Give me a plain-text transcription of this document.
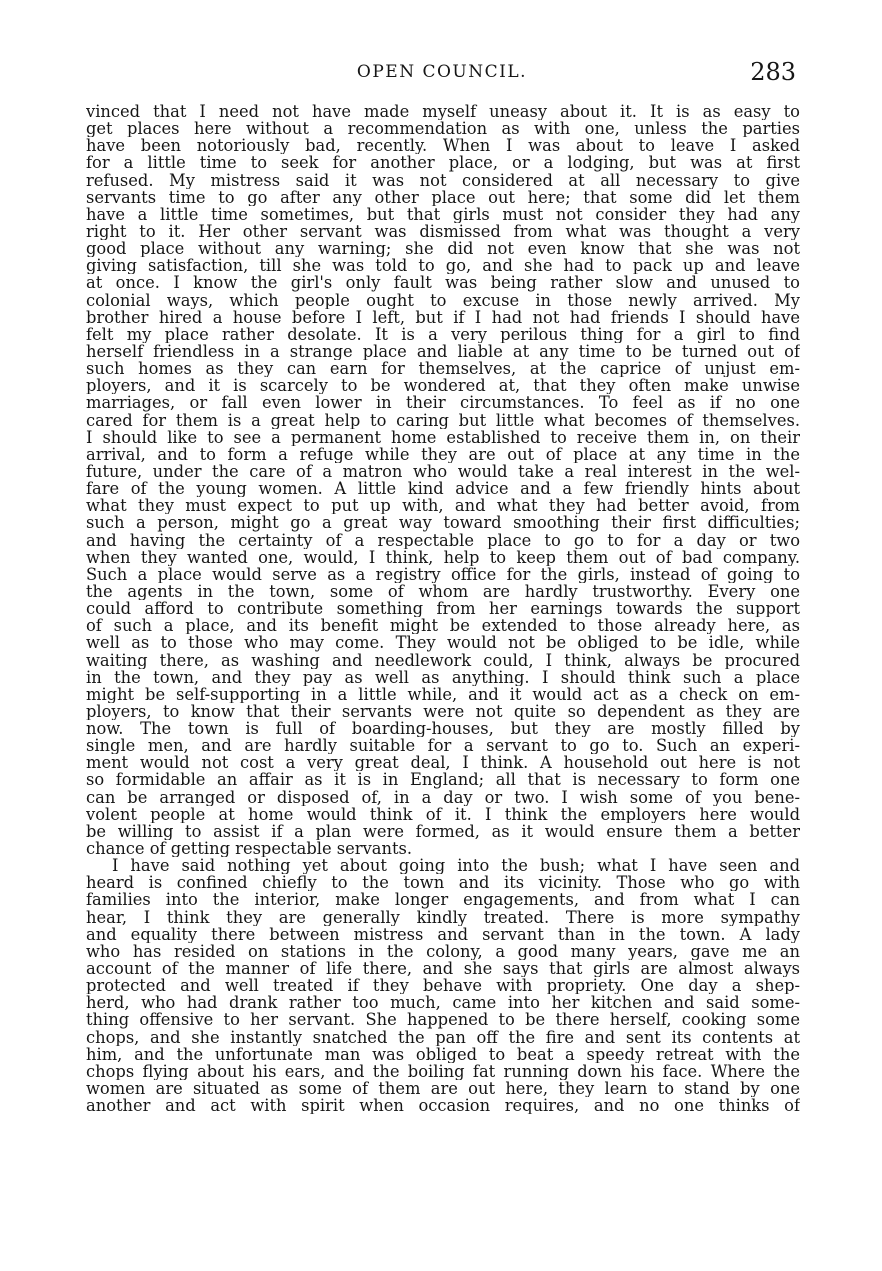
OPEN COUNCIL.	283
vinced that I need not have made myself uneasy about it. It is as easy to
get places here without a recommendation as with one, unless the parties
have been notoriously bad, recently. When I was about to leave I asked
for a little time to seek for another place, or a lodging, but was at first
refused. My mistress said it was not considered at all necessary to give
servants time to go after any other place out here; that some did let them
have a little time sometimes, but that girls must not consider they had any
right to it. Her other servant was dismissed from what was thought a very
good place without any warning; she did not even know that she was not
giving satisfaction, till she was told to go, and she had to pack up and leave
at once. I know the girl's only fault was being rather slow and unused to
colonial ways, which people ought to excuse in those newly arrived. My
brother hired a house before I left, but if I had not had friends I should have
felt my place rather desolate. It is a very perilous thing for a girl to find
herself friendless in a strange place and liable at any time to be turned out of
such homes as they can earn for themselves, at the caprice of unjust em-
ployers, and it is scarcely to be wondered at, that they often make unwise
marriages, or fall even lower in their circumstances. To feel as if no one
cared for them is a great help to caring but little what becomes of themselves.
I should like to see a permanent home established to receive them in, on their
arrival, and to form a refuge while they are out of place at any time in the
future, under the care of a matron who would take a real interest in the wel-
fare of the young women. A little kind advice and a few friendly hints about
what they must expect to put up with, and what they had better avoid, from
such a person, might go a great way toward smoothing their first difficulties;
and having the certainty of a respectable place to go to for a day or two
when they wanted one, would, I think, help to keep them out of bad company.
Such a place would serve as a registry office for the girls, instead of going to
the agents in the town, some of whom are hardly trustworthy. Every one
could afford to contribute something from her earnings towards the support
of such a place, and its benefit might be extended to those already here, as
well as to those who may come. They would not be obliged to be idle, while
waiting there, as washing and needlework could, I think, always be procured
in the town, and they pay as well as anything. I should think such a place
might be self-supporting in a little while, and it would act as a check on em-
ployers, to know that their servants were not quite so dependent as they are
now. The town is full of boarding-houses, but they are mostly filled by
single men, and are hardly suitable for a servant to go to. Such an experi-
ment would not cost a very great deal, I think. A household out here is not
so formidable an affair as it is in England; all that is necessary to form one
can be arranged or disposed of, in a day or two. I wish some of you bene-
volent people at home would think of it. I think the employers here would
be willing to assist if a plan were formed, as it would ensure them a better
chance of getting respectable servants.
I have said nothing yet about going into the bush; what I have seen and
heard is confined chiefly to the town and its vicinity. Those who go with
families into the interior, make longer engagements, and from what I can
hear, I think they are generally kindly treated. There is more sympathy
and equality there between mistress and servant than in the town. A lady
who has resided on stations in the colony, a good many years, gave me an
account of the manner of life there, and she says that girls are almost always
protected and well treated if they behave with propriety. One day a shep-
herd, who had drank rather too much, came into her kitchen and said some-
thing offensive to her servant. She happened to be there herself, cooking some
chops, and she instantly snatched the pan off the fire and sent its contents at
him, and the unfortunate man was obliged to beat a speedy retreat with the
chops flying about his ears, and the boiling fat running down his face. Where the
women are situated as some of them are out here, they learn to stand by one
another and act with spirit when occasion requires, and no one thinks of
